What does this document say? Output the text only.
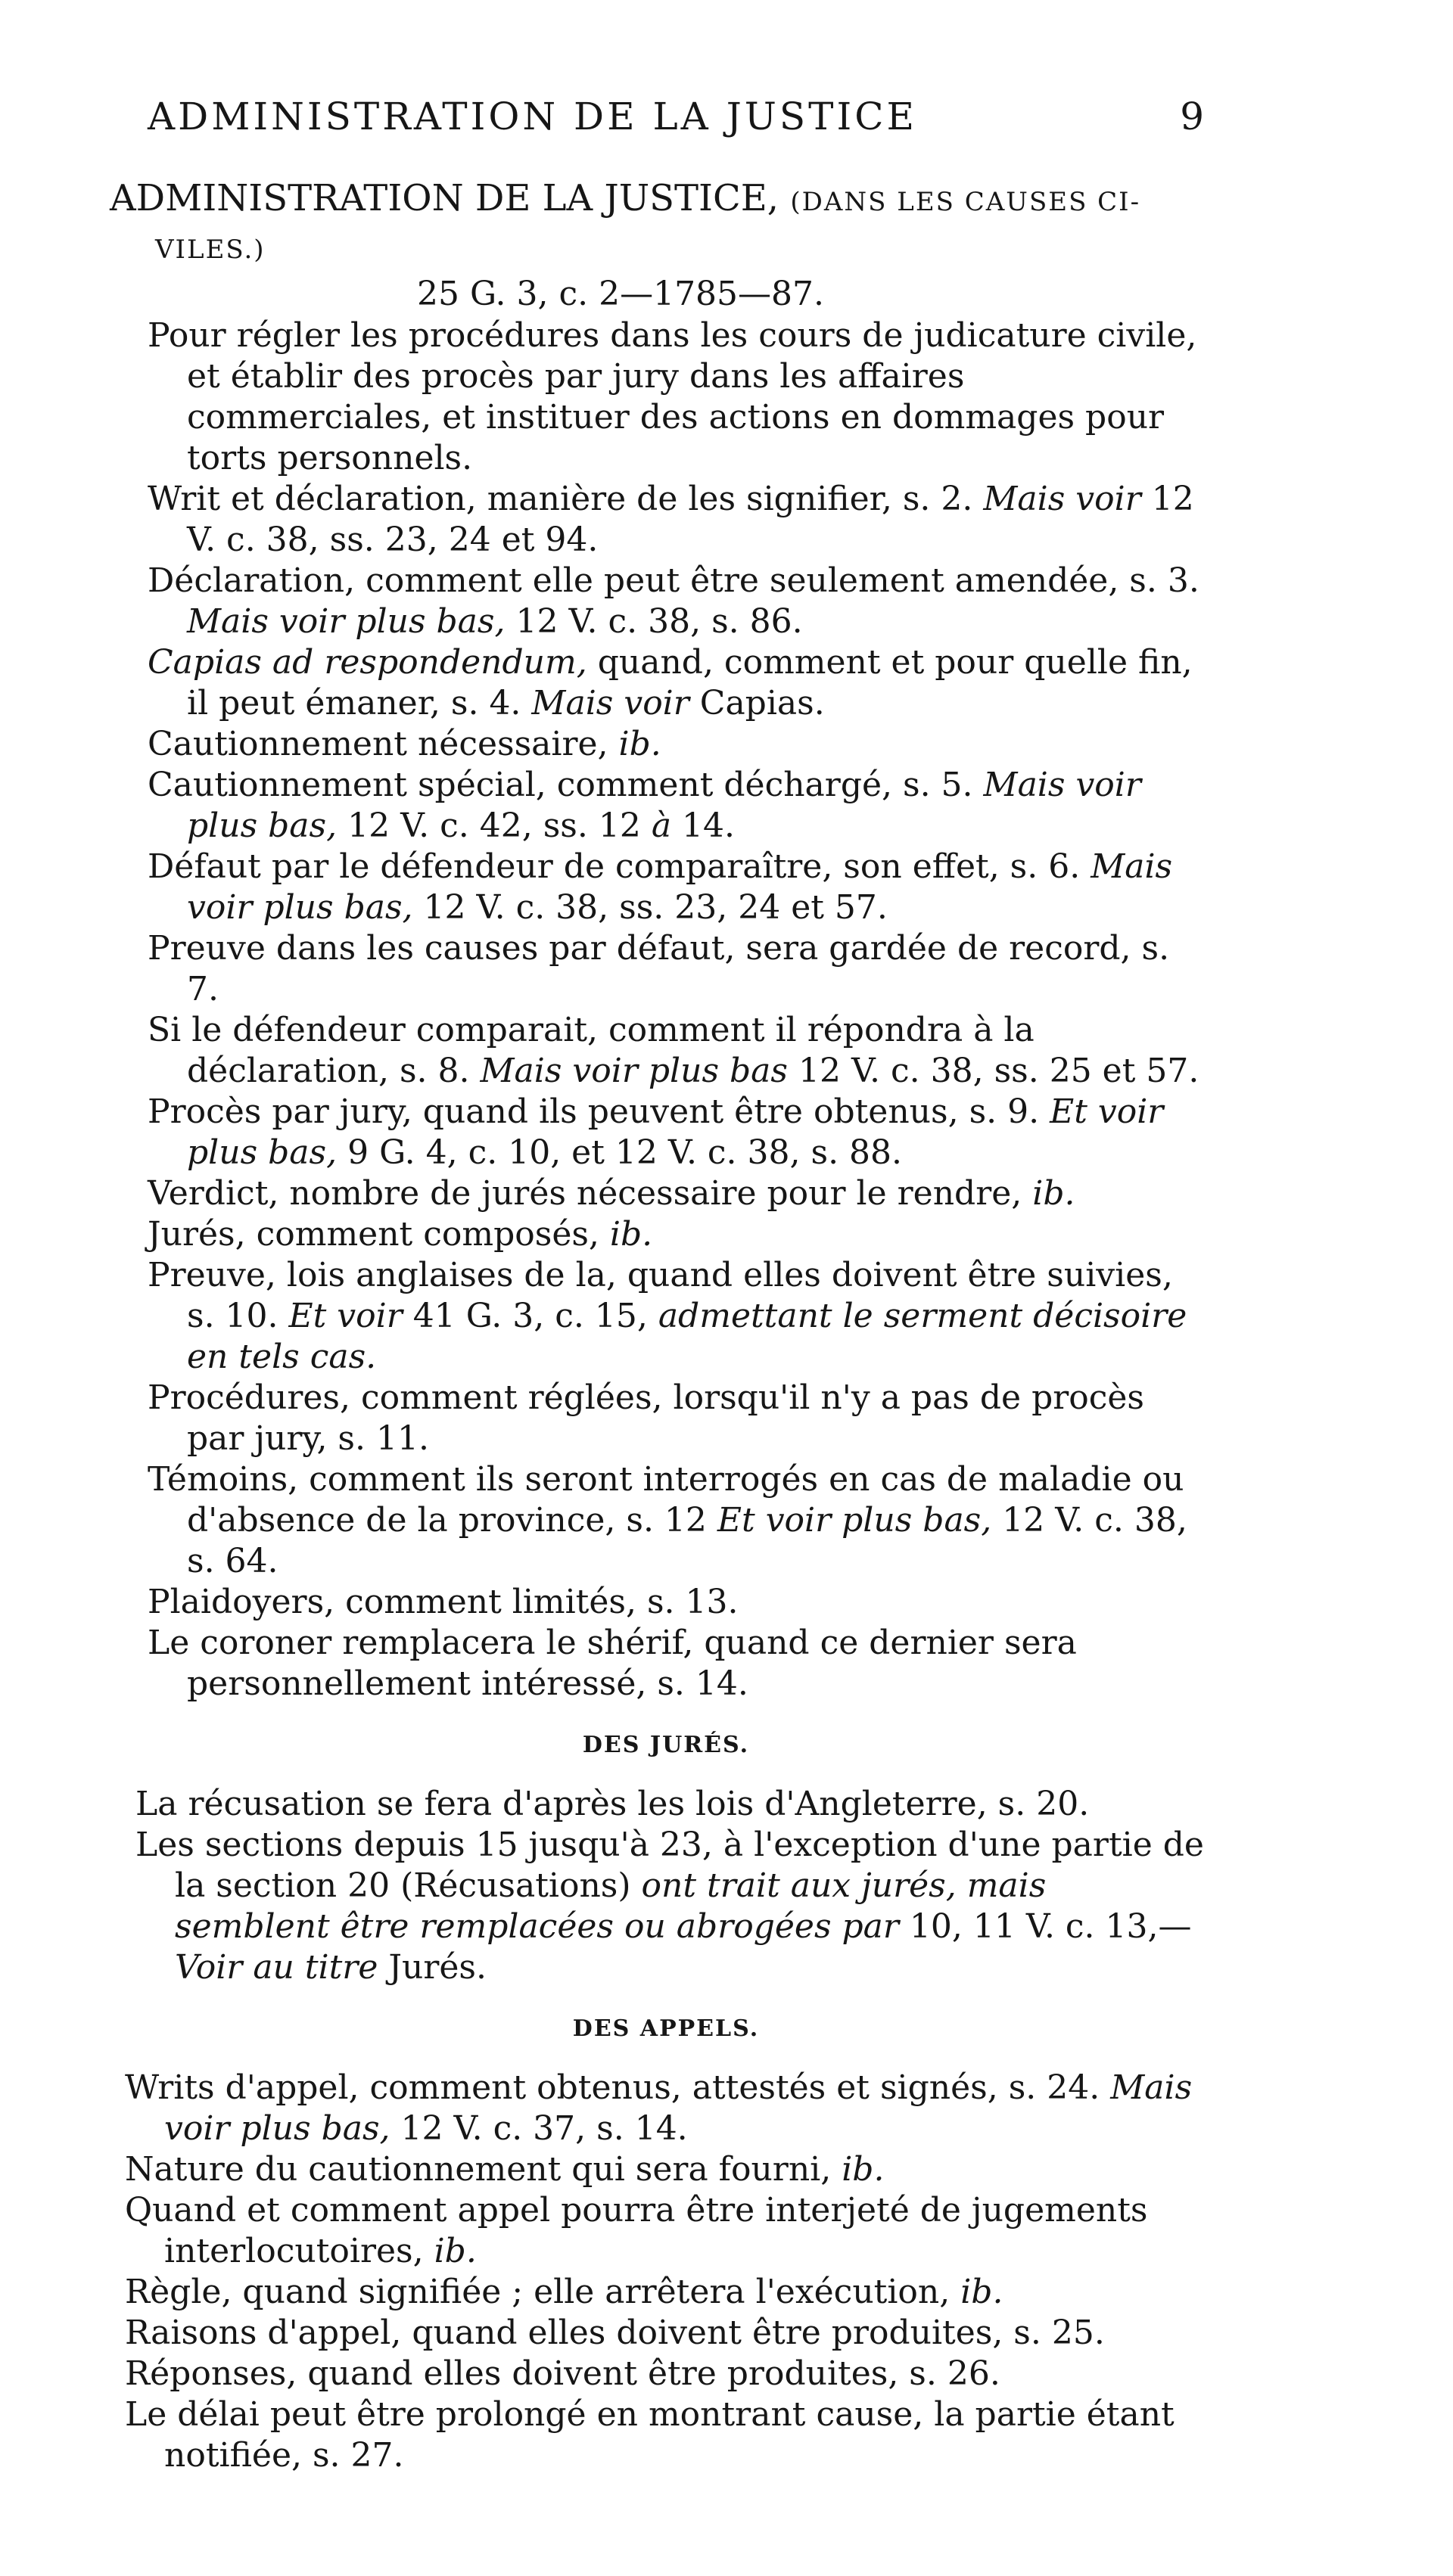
ADMINISTRATION DE LA JUSTICE	9
ADMINISTRATION DE LA JUSTICE, (DANS LES CAUSES CI- VILES.)
25 G. 3, c. 2—1785—87.
Pour régler les procédures dans les cours de judicature civile, et établir des procès par jury dans les affaires commerciales, et instituer des actions en dommages pour torts personnels.
Writ et déclaration, manière de les signifier, s. 2. Mais voir 12 V. c. 38, ss. 23, 24 et 94.
Déclaration, comment elle peut être seulement amendée, s. 3. Mais voir plus bas, 12 V. c. 38, s. 86.
Capias ad respondendum, quand, comment et pour quelle fin, il peut émaner, s. 4. Mais voir Capias.
Cautionnement nécessaire, ib.
Cautionnement spécial, comment déchargé, s. 5. Mais voir plus bas, 12 V. c. 42, ss. 12 à 14.
Défaut par le défendeur de comparaître, son effet, s. 6. Mais voir plus bas, 12 V. c. 38, ss. 23, 24 et 57.
Preuve dans les causes par défaut, sera gardée de record, s. 7.
Si le défendeur comparait, comment il répondra à la déclaration, s. 8. Mais voir plus bas 12 V. c. 38, ss. 25 et 57.
Procès par jury, quand ils peuvent être obtenus, s. 9. Et voir plus bas, 9 G. 4, c. 10, et 12 V. c. 38, s. 88.
Verdict, nombre de jurés nécessaire pour le rendre, ib.
Jurés, comment composés, ib.
Preuve, lois anglaises de la, quand elles doivent être suivies, s. 10. Et voir 41 G. 3, c. 15, admettant le serment décisoire en tels cas.
Procédures, comment réglées, lorsqu'il n'y a pas de procès par jury, s. 11.
Témoins, comment ils seront interrogés en cas de maladie ou d'absence de la province, s. 12 Et voir plus bas, 12 V. c. 38, s. 64.
Plaidoyers, comment limités, s. 13.
Le coroner remplacera le shérif, quand ce dernier sera personnellement intéressé, s. 14.
DES JURÉS.
La récusation se fera d'après les lois d'Angleterre, s. 20.
Les sections depuis 15 jusqu'à 23, à l'exception d'une partie de la section 20 (Récusations) ont trait aux jurés, mais semblent être remplacées ou abrogées par 10, 11 V. c. 13,— Voir au titre Jurés.
DES APPELS.
Writs d'appel, comment obtenus, attestés et signés, s. 24. Mais voir plus bas, 12 V. c. 37, s. 14.
Nature du cautionnement qui sera fourni, ib.
Quand et comment appel pourra être interjeté de jugements interlocutoires, ib.
Règle, quand signifiée ; elle arrêtera l'exécution, ib.
Raisons d'appel, quand elles doivent être produites, s. 25.
Réponses, quand elles doivent être produites, s. 26.
Le délai peut être prolongé en montrant cause, la partie étant notifiée, s. 27.
